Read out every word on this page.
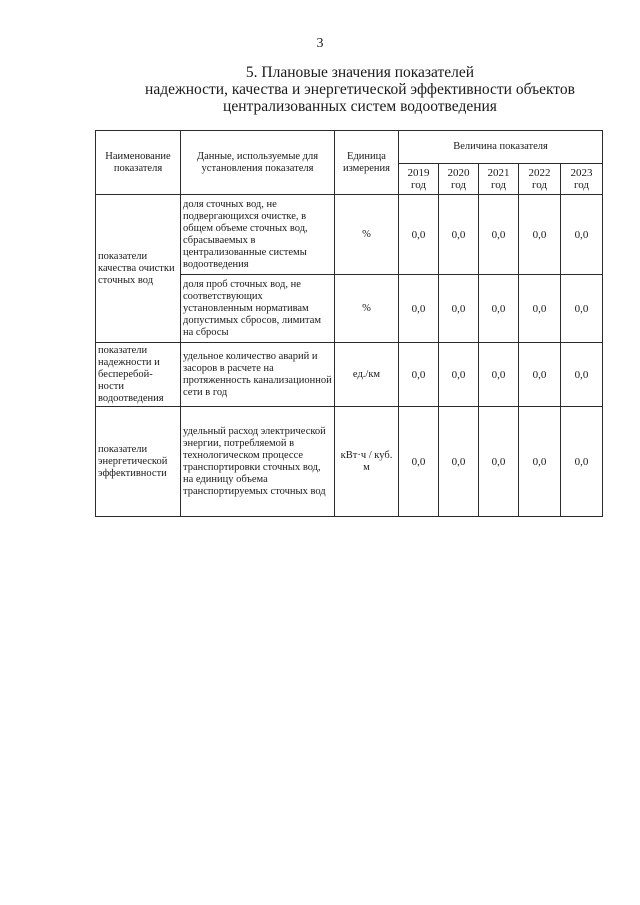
3
5. Плановые значения показателей
надежности, качества и энергетической эффективности объектов
централизованных систем водоотведения
Наименование показателя	Данные, используемые для установления показателя	Единица измерения	Величина показателя				
			2019 год	2020 год	2021 год	2022 год	2023 год
показатели качества очистки сточных вод	доля сточных вод, не подвергающихся очистке, в общем объеме сточных вод, сбрасываемых в централизованные системы водоотведения	%	0,0	0,0	0,0	0,0	0,0
	доля проб сточных вод, не соответствующих установленным нормативам допустимых сбросов, лимитам на сбросы	%	0,0	0,0	0,0	0,0	0,0
показатели надежности и бесперебой-ности водоотведения	удельное количество аварий и засоров в расчете на протяженность канализационной сети в год	ед./км	0,0	0,0	0,0	0,0	0,0
показатели энергетической эффективности	удельный расход электрической энергии, потребляемой в технологическом процессе транспортировки сточных вод, на единицу объема транспортируемых сточных вод	кВт·ч / куб. м	0,0	0,0	0,0	0,0	0,0
